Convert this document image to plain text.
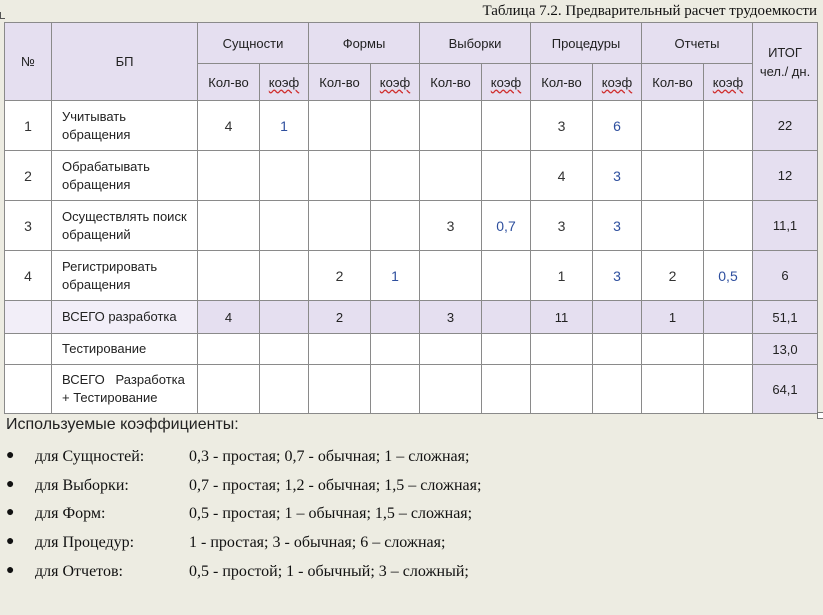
Таблица 7.2. Предварительный расчет трудоемкости
№	БП	Сущности		Формы		Выборки		Процедуры		Отчеты		ИТОГ чел./ дн.
		Кол-во	коэф	Кол-во	коэф	Кол-во	коэф	Кол-во	коэф	Кол-во	коэф	
1	Учитывать обращения	4	1					3	6			22
2	Обрабатывать обращения							4	3			12
3	Осуществлять поиск обращений					3	0,7	3	3			11,1
4	Регистрировать обращения			2	1			1	3	2	0,5	6
	ВСЕГО разработка	4		2		3		11		1		51,1
	Тестирование											13,0
	ВСЕГО   Разработка + Тестирование											64,1
Используемые коэффициенты:
● для Сущностей:	0,3 - простая; 0,7 - обычная; 1 – сложная;
● для Выборки:	0,7 - простая; 1,2 - обычная; 1,5 – сложная;
● для Форм:	0,5 - простая; 1 – обычная; 1,5 – сложная;
● для Процедур:	1 - простая; 3 - обычная; 6 – сложная;
● для Отчетов:	0,5 - простой; 1 - обычный; 3 – сложный;
